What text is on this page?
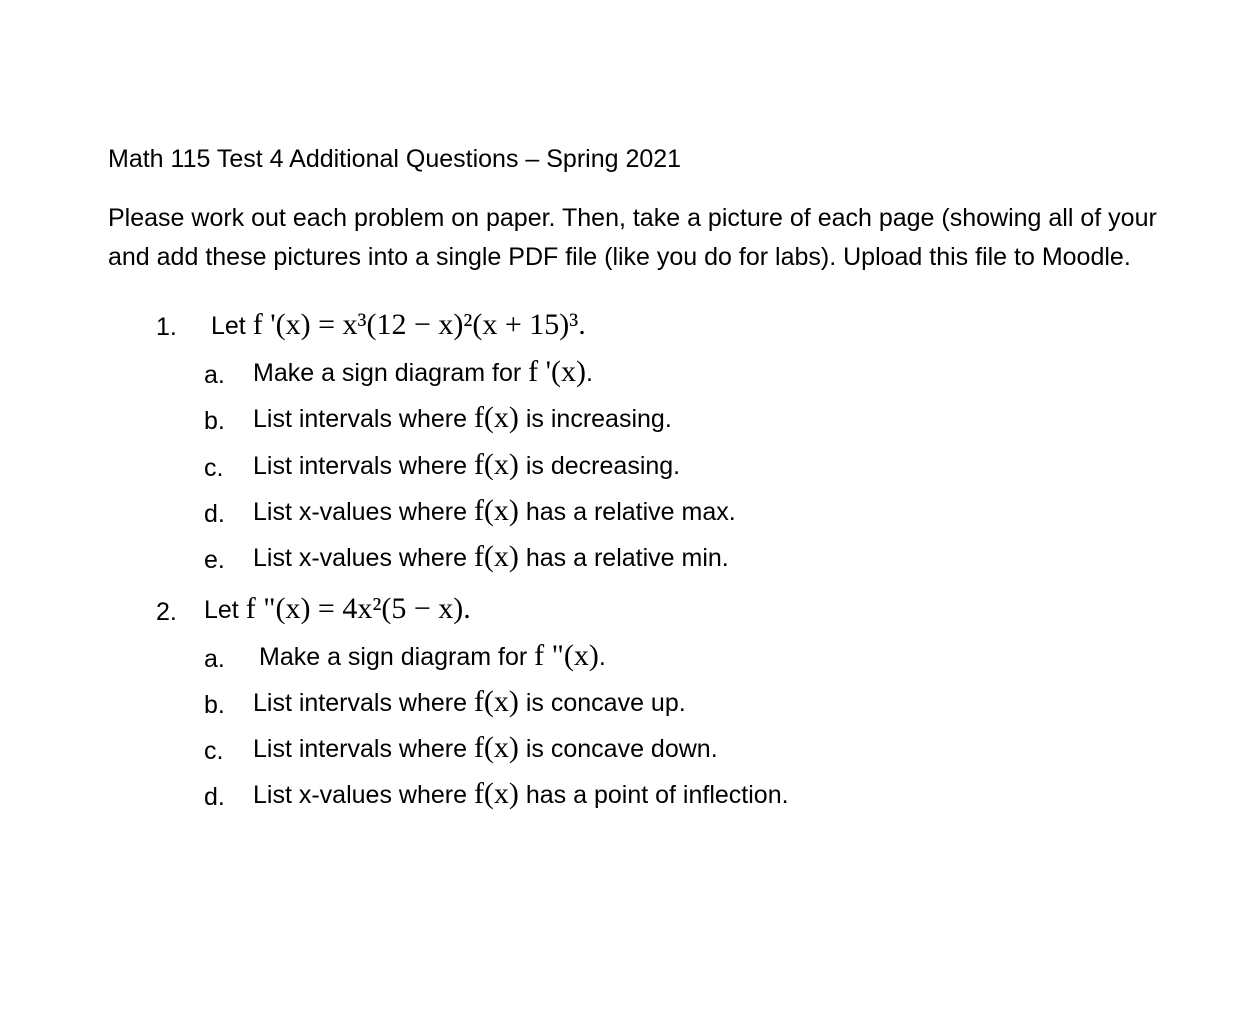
Math 115 Test 4 Additional Questions – Spring 2021
Please work out each problem on paper. Then, take a picture of each page (showing all of your
and add these pictures into a single PDF file (like you do for labs). Upload this file to Moodle.
1. Let f '(x) = x³(12 − x)²(x + 15)³.
a. Make a sign diagram for f '(x).
b. List intervals where f(x) is increasing.
c. List intervals where f(x) is decreasing.
d. List x-values where f(x) has a relative max.
e. List x-values where f(x) has a relative min.
2. Let f "(x) = 4x²(5 − x).
a. Make a sign diagram for f "(x).
b. List intervals where f(x) is concave up.
c. List intervals where f(x) is concave down.
d. List x-values where f(x) has a point of inflection.
